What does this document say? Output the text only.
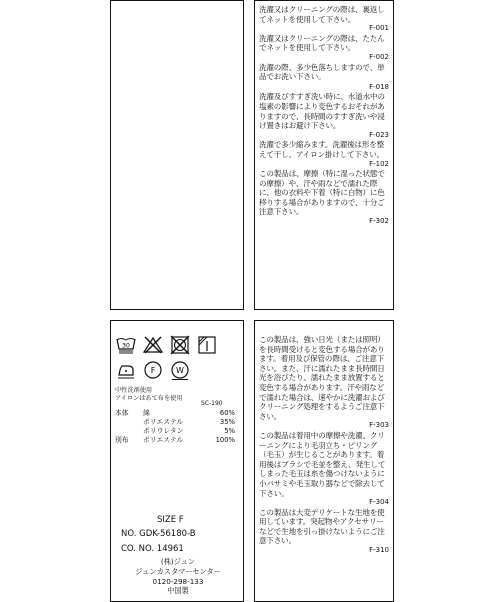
洗濯又はクリーニングの際は、裏返してネットを使用して下さい。
F-001
洗濯又はクリーニングの際は、たたんでネットを使用して下さい。
F-002
洗濯の際、多少色落ちしますので、単品でお洗い下さい。
F-018
洗濯及びすすぎ洗い時に、水道水中の塩素の影響により変色するおそれがありますので、長時間のすすぎ洗いや浸け置きはお避け下さい。
F-023
洗濯で多少縮みます。洗濯後は形を整えて干し、アイロン掛けして下さい。
F-102
この製品は、摩擦（特に湿った状態での摩擦）や、汗や雨などで濡れた際に、他の衣料や下着（特に白物）に色移りする場合がありますので、十分ご注意下さい。
F-302
30
F	W
中性洗剤使用
アイロンはあて布を使用
SC-190
本体	綿	60%
	ポリエステル	35%
	ポリウレタン	5%
別布	ポリエステル	100%
SIZE F
NO. GDK-56180-B
CO. NO. 14961
(株)ジュン
ジュンカスタマーセンター
0120-298-133
中国製
この製品は、強い日光（または照明）を長時間受けると変色する場合があります。着用及び保管の際は、ご注意下さい。また、汗に濡れたまま長時間日光を浴びたり、濡れたまま放置すると変色する場合があります。汗や雨などで濡れた場合は、速やかに洗濯およびクリーニング処理をするようご注意下さい。
F-303
この製品は着用中の摩擦や洗濯、クリーニングにより毛羽立ち・ピリング（毛玉）が生じることがあります。着用後はブラシで毛並を整え、発生してしまった毛玉は糸を傷つけないように小バサミや毛玉取り器などで除去して下さい。
F-304
この製品は大変デリケートな生地を使用しています。突起物やアクセサリーなどで生地を引っ掛けないようにご注意下さい。
F-310
